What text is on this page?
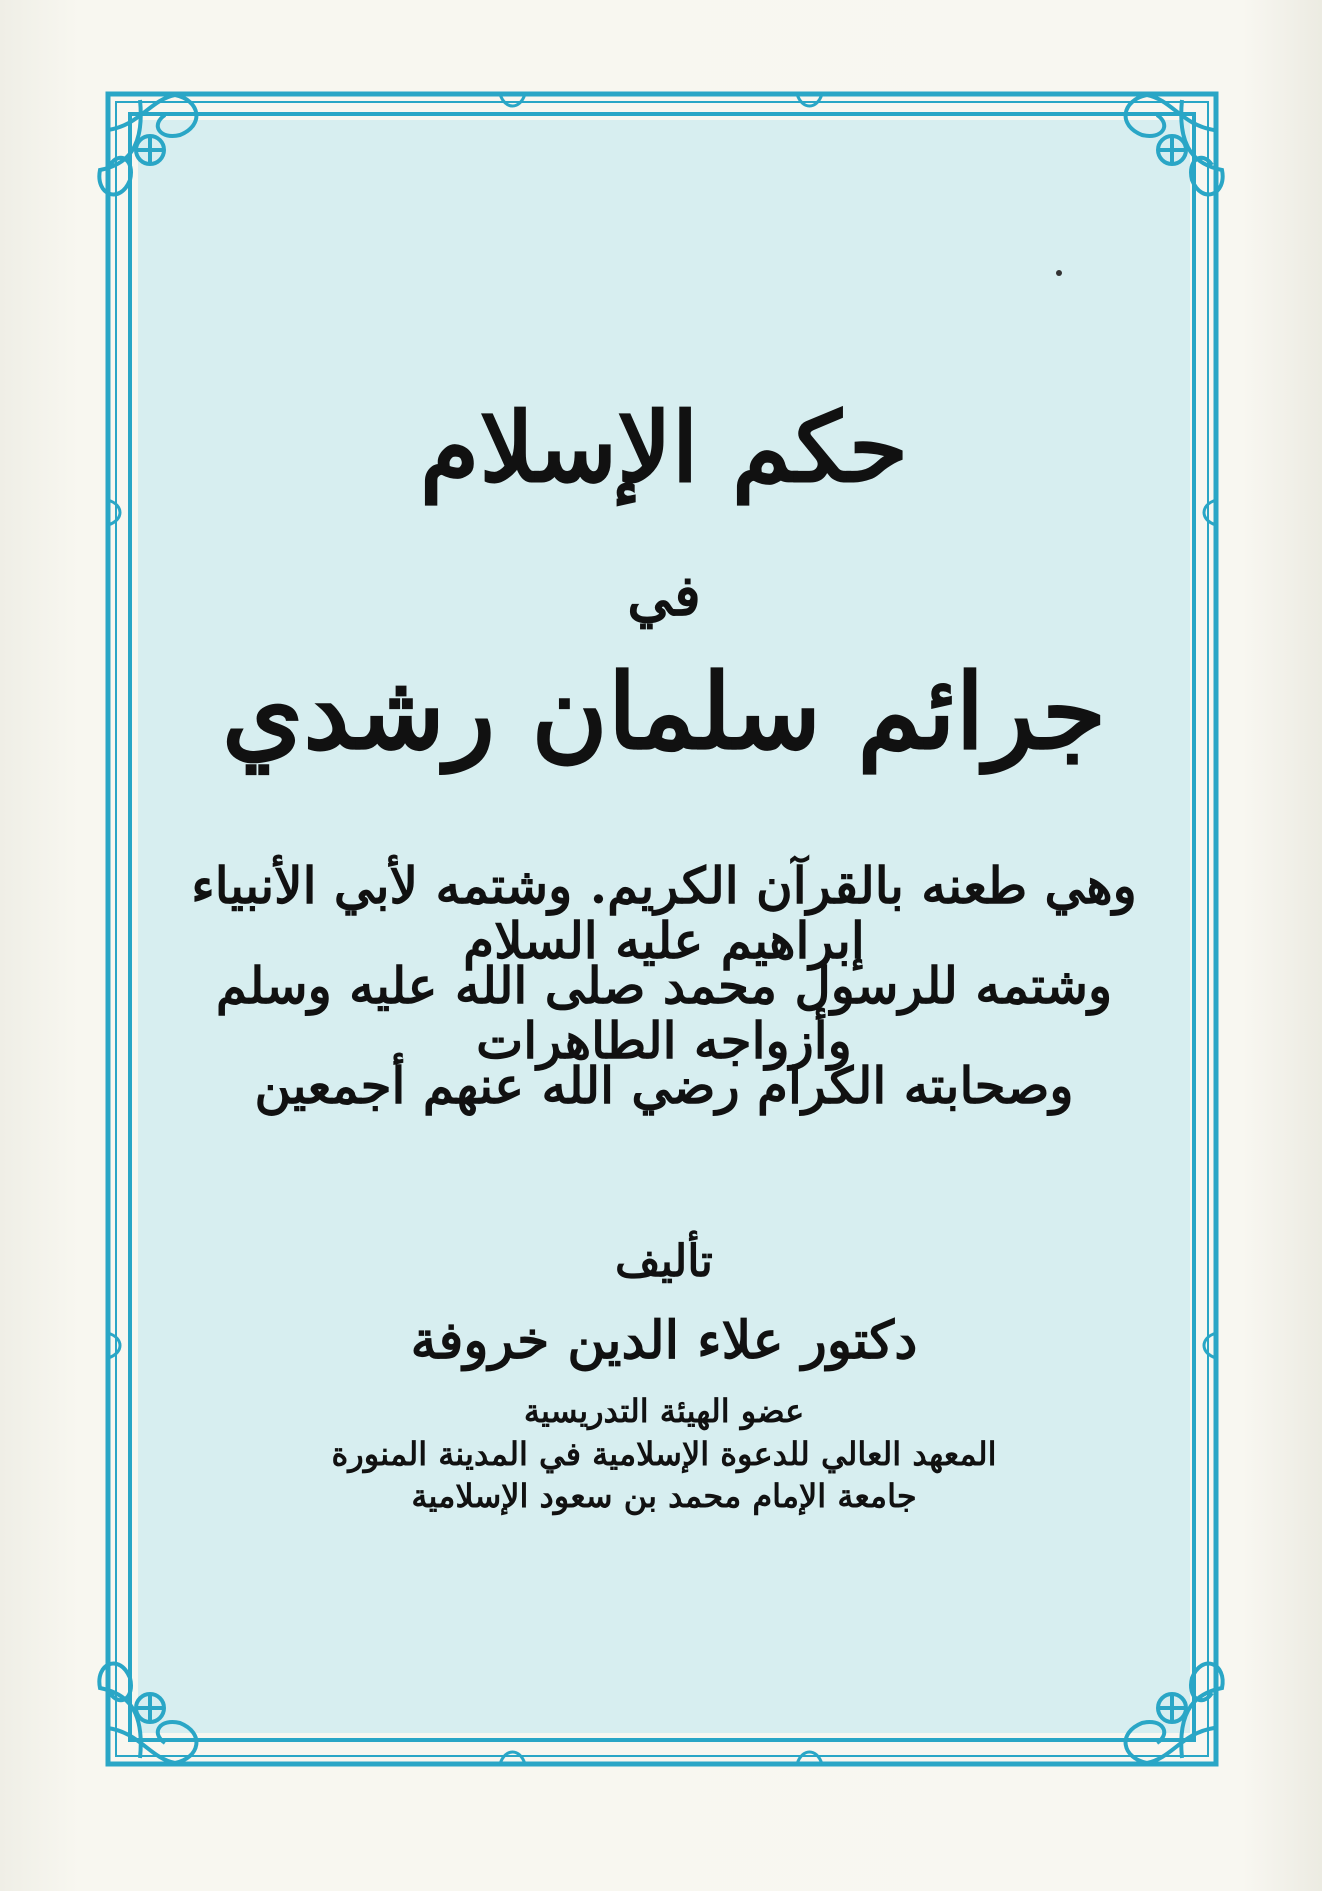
حكم الإسلام
في
جرائم سلمان رشدي
وهي طعنه بالقرآن الكريم. وشتمه لأبي الأنبياء إبراهيم عليه السلام
وشتمه للرسول محمد صلى الله عليه وسلم وأزواجه الطاهرات
وصحابته الكرام رضي الله عنهم أجمعين
تأليف
دكتور علاء الدين خروفة
عضو الهيئة التدريسية
المعهد العالي للدعوة الإسلامية في المدينة المنورة
جامعة الإمام محمد بن سعود الإسلامية
